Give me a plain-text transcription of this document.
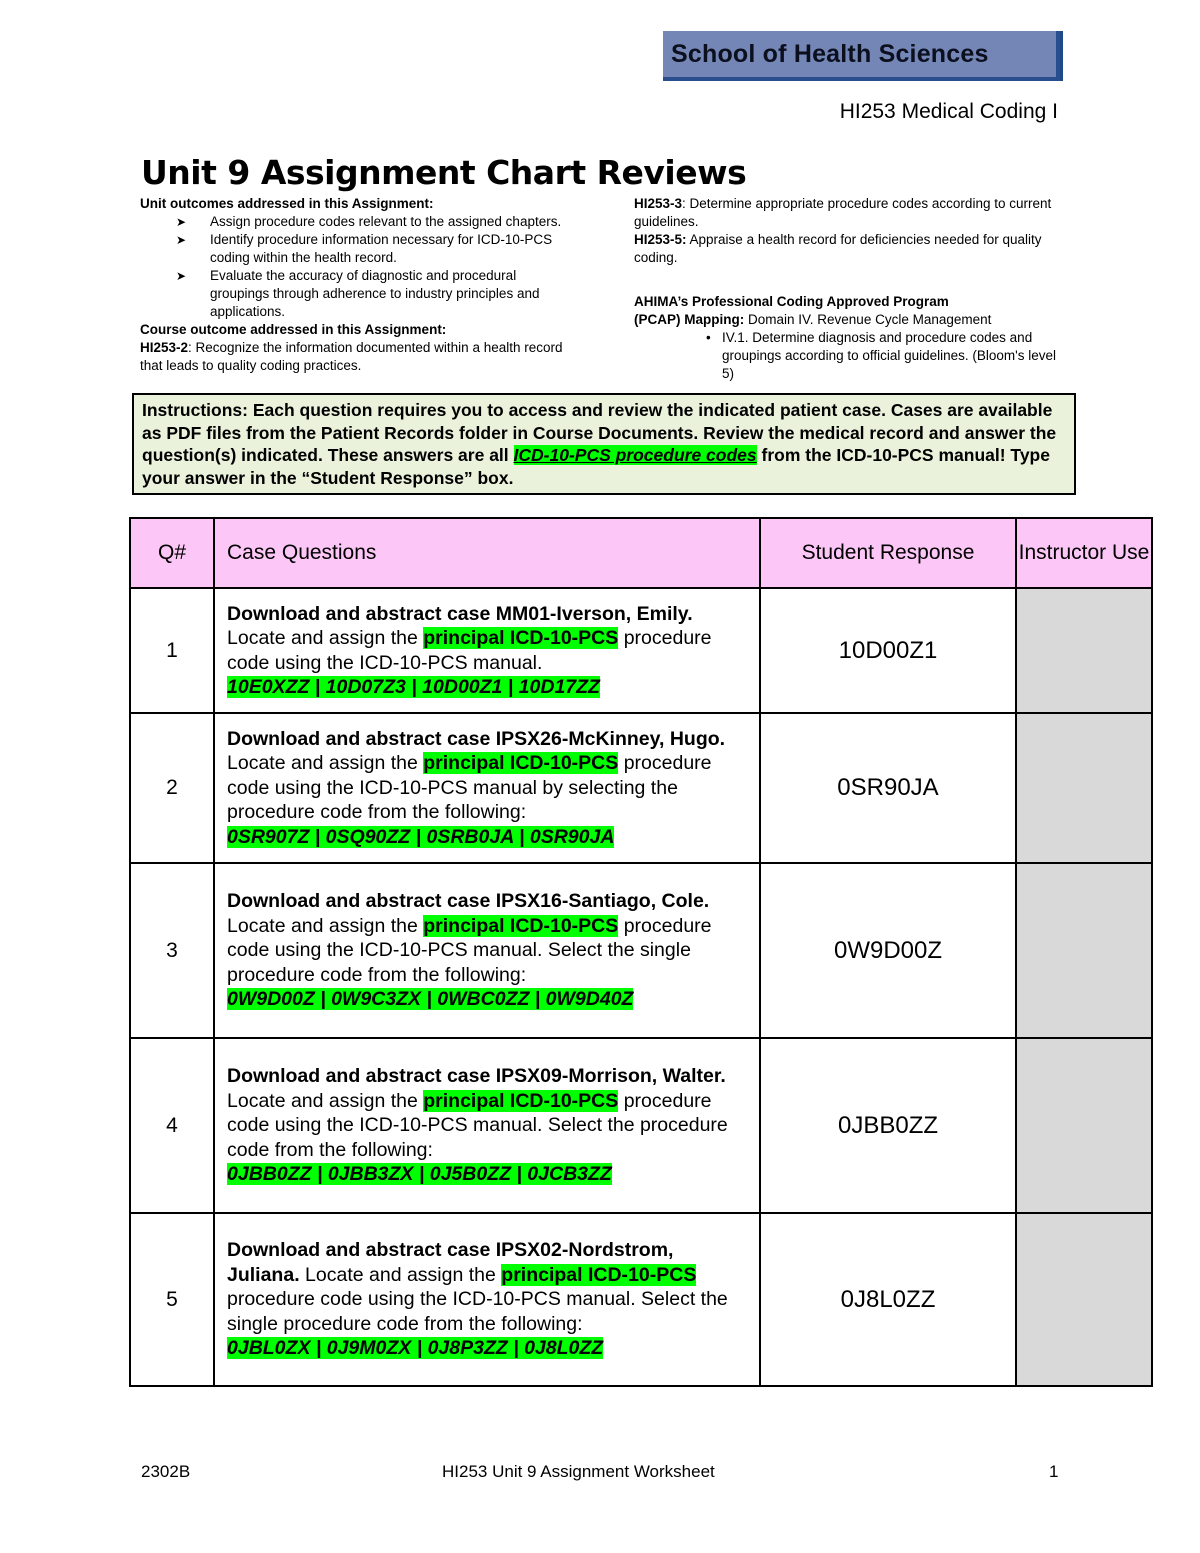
School of Health Sciences
HI253 Medical Coding I
Unit 9 Assignment Chart Reviews
Unit outcomes addressed in this Assignment:
➤ Assign procedure codes relevant to the assigned chapters.
➤ Identify procedure information necessary for ICD-10-PCS coding within the health record.
➤ Evaluate the accuracy of diagnostic and procedural groupings through adherence to industry principles and applications.
Course outcome addressed in this Assignment:
HI253-2: Recognize the information documented within a health record that leads to quality coding practices.

HI253-3: Determine appropriate procedure codes according to current guidelines.

HI253-5: Appraise a health record for deficiencies needed for quality coding.

AHIMA’s Professional Coding Approved Program

(PCAP) Mapping: Domain IV. Revenue Cycle Management

• IV.1. Determine diagnosis and procedure codes and groupings according to official guidelines. (Bloom's level 5)

Instructions: Each question requires you to access and review the indicated patient case. Cases are available as PDF files from the Patient Records folder in Course Documents. Review the medical record and answer the question(s) indicated. These answers are all ICD-10-PCS procedure codes from the ICD-10-PCS manual! Type your answer in the “Student Response” box.
Q#	Case Questions	Student Response	Instructor Use
1	Download and abstract case MM01-Iverson, Emily. Locate and assign the principal ICD-10-PCS procedure code using the ICD-10-PCS manual.
10E0XZZ | 10D07Z3 | 10D00Z1 | 10D17ZZ	10D00Z1	
2	Download and abstract case IPSX26-McKinney, Hugo. Locate and assign the principal ICD-10-PCS procedure code using the ICD-10-PCS manual by selecting the procedure code from the following:
0SR907Z | 0SQ90ZZ | 0SRB0JA | 0SR90JA	0SR90JA	
3	Download and abstract case IPSX16-Santiago, Cole. Locate and assign the principal ICD-10-PCS procedure code using the ICD-10-PCS manual. Select the single procedure code from the following:
0W9D00Z | 0W9C3ZX | 0WBC0ZZ | 0W9D40Z	0W9D00Z	
4	Download and abstract case IPSX09-Morrison, Walter. Locate and assign the principal ICD-10-PCS procedure code using the ICD-10-PCS manual. Select the procedure code from the following:
0JBB0ZZ | 0JBB3ZX | 0J5B0ZZ | 0JCB3ZZ	0JBB0ZZ	
5	Download and abstract case IPSX02-Nordstrom, Juliana. Locate and assign the principal ICD-10-PCS procedure code using the ICD-10-PCS manual. Select the single procedure code from the following:
0JBL0ZX | 0J9M0ZX | 0J8P3ZZ | 0J8L0ZZ	0J8L0ZZ	
2302B	HI253 Unit 9 Assignment Worksheet	1
